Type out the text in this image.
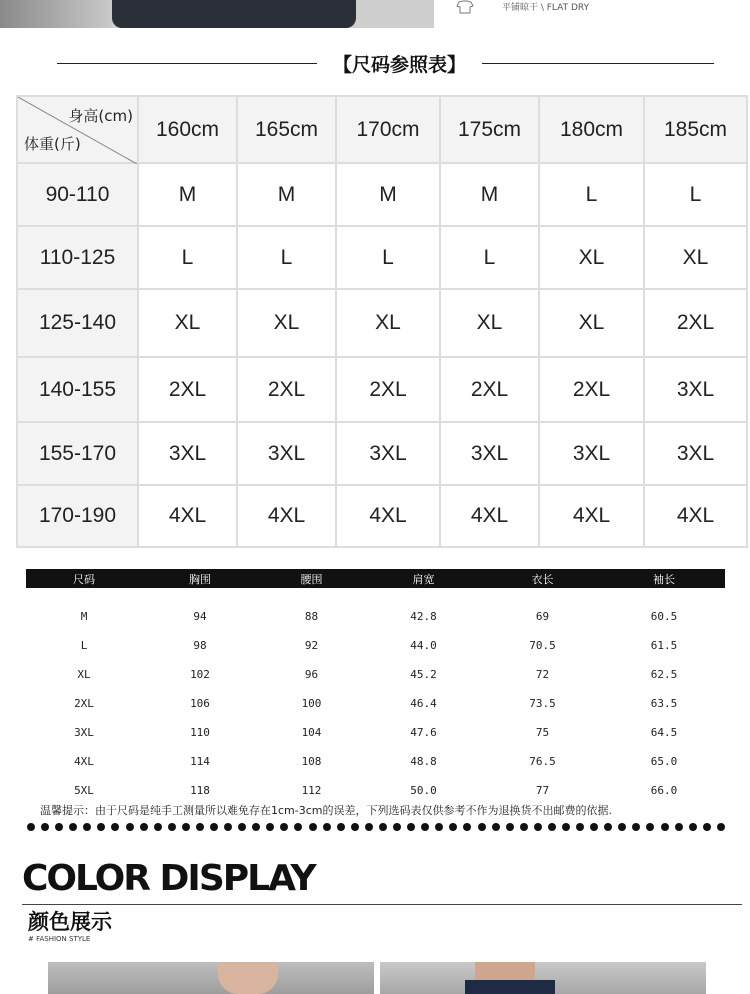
平铺晾干 \ FLAT DRY
【尺码参照表】
身高(cm)
体重(斤)	160cm	165cm	170cm	175cm	180cm	185cm
90-110	M	M	M	M	L	L
110-125	L	L	L	L	XL	XL
125-140	XL	XL	XL	XL	XL	2XL
140-155	2XL	2XL	2XL	2XL	2XL	3XL
155-170	3XL	3XL	3XL	3XL	3XL	3XL
170-190	4XL	4XL	4XL	4XL	4XL	4XL
尺码	胸围	腰围	肩宽	衣长	袖长
M	94	88	42.8	69	60.5
L	98	92	44.0	70.5	61.5
XL	102	96	45.2	72	62.5
2XL	106	100	46.4	73.5	63.5
3XL	110	104	47.6	75	64.5
4XL	114	108	48.8	76.5	65.0
5XL	118	112	50.0	77	66.0
温馨提示：由于尺码是纯手工测量所以难免存在1cm-3cm的误差，下列选码表仅供参考不作为退换货不出邮费的依据.
COLOR DISPLAY
颜色展示
# FASHION STYLE
